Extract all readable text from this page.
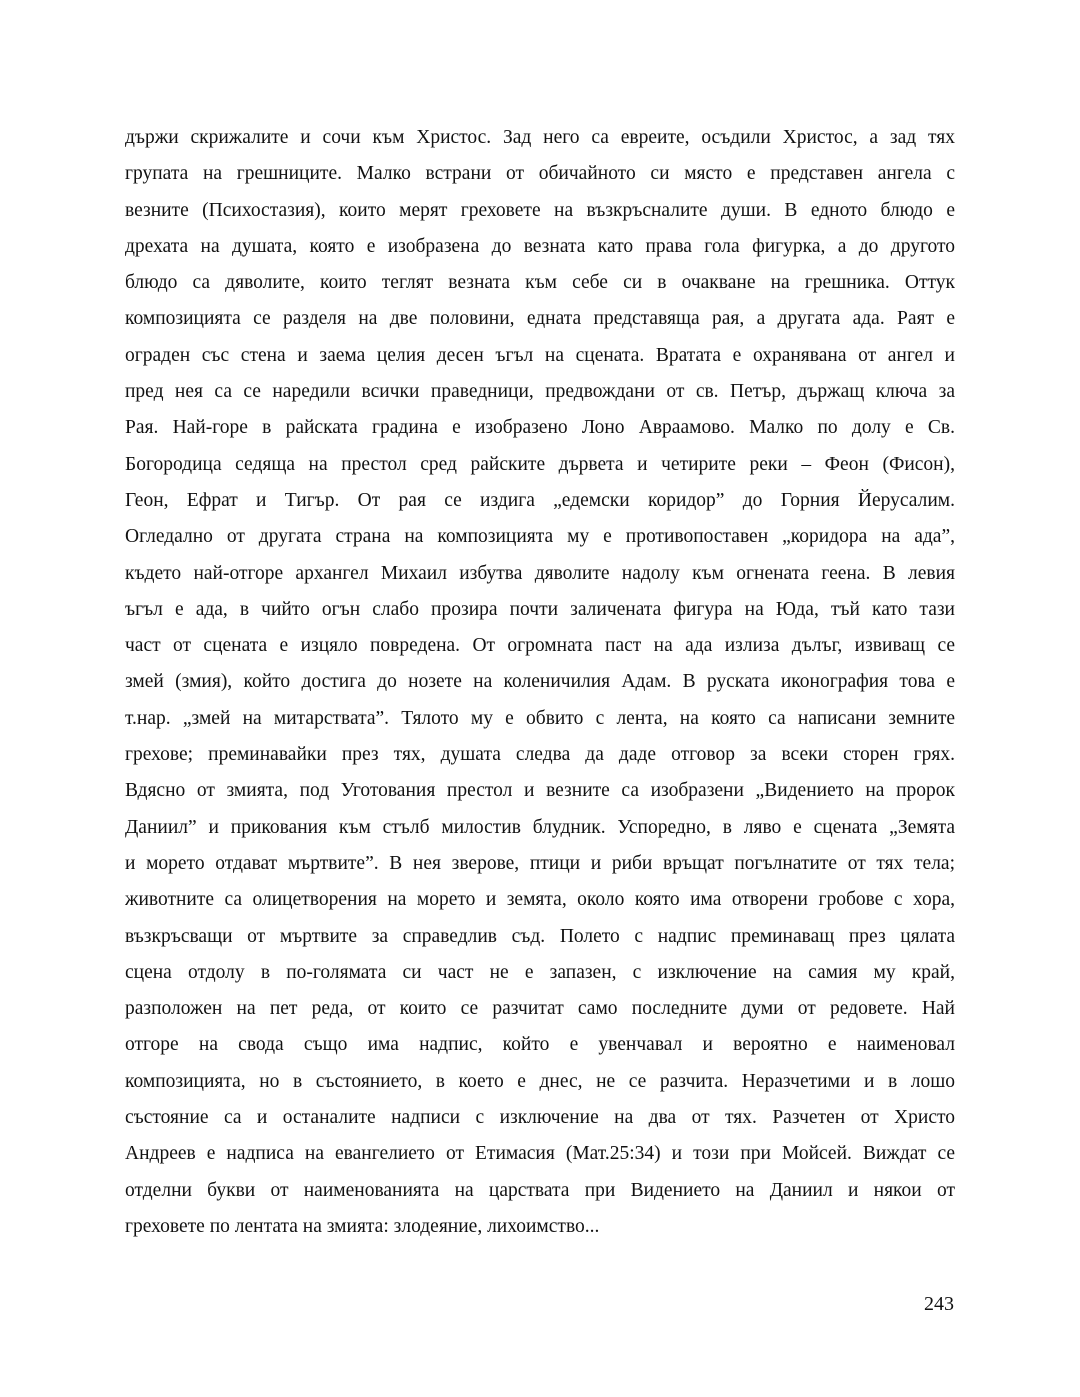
държи скрижалите и сочи към Христос. Зад него са евреите, осъдили Христос, а зад тях
групата на грешниците. Малко встрани от обичайното си място е представен ангела с
везните (Психостазия), които мерят греховете на възкръсналите души. В едното блюдо е
дрехата на душата, която е изобразена до везната като права гола фигурка, а до другото
блюдо са дяволите, които теглят везната към себе си в очакване на грешника. Оттук
композицията се разделя на две половини, едната представяща рая, а другата ада. Раят е
ограден със стена и заема целия десен ъгъл на сцената. Вратата е охранявана от ангел и
пред нея са се наредили всички праведници, предвождани от св. Петър, държащ ключа за
Рая. Най-горе в райската градина е изобразено Лоно Авраамово. Малко по долу е Св.
Богородица седяща на престол сред райските дървета и четирите реки – Феон (Фисон),
Геон, Ефрат и Тигър. От рая се издига „едемски коридор” до Горния Йерусалим.
Огледално от другата страна на композицията му е противопоставен „коридора на ада”,
където най-отгоре архангел Михаил избутва дяволите надолу към огнената геена. В левия
ъгъл е ада, в чийто огън слабо прозира почти заличената фигура на Юда, тъй като тази
част от сцената е изцяло повредена. От огромната паст на ада излиза дълъг, извиващ се
змей (змия), който достига до нозете на коленичилия Адам. В руската иконография това е
т.нар. „змей на митарствата”. Тялото му е обвито с лента, на която са написани земните
грехове; преминавайки през тях, душата следва да даде отговор за всеки сторен грях.
Вдясно от змията, под Уготования престол и везните са изобразени „Видението на пророк
Даниил” и прикования към стълб милостив блудник. Успоредно, в ляво е сцената „Земята
и морето отдават мъртвите”. В нея зверове, птици и риби връщат погълнатите от тях тела;
животните са олицетворения на морето и земята, около която има отворени гробове с хора,
възкръсващи от мъртвите за справедлив съд. Полето с надпис преминаващ през цялата
сцена отдолу в по-голямата си част не е запазен, с изключение на самия му край,
разположен на пет реда, от които се разчитат само последните думи от редовете. Най
отгоре на свода също има надпис, който е увенчавал и вероятно е наименовал
композицията, но в състоянието, в което е днес, не се разчита. Неразчетими и в лошо
състояние са и останалите надписи с изключение на два от тях. Разчетен от Христо
Андреев е надписа на евангелието от Етимасия (Мат.25:34) и този при Мойсей. Виждат се
отделни букви от наименованията на царствата при Видението на Даниил и някои от
греховете по лентата на змията: злодеяние, лихоимство...
243
